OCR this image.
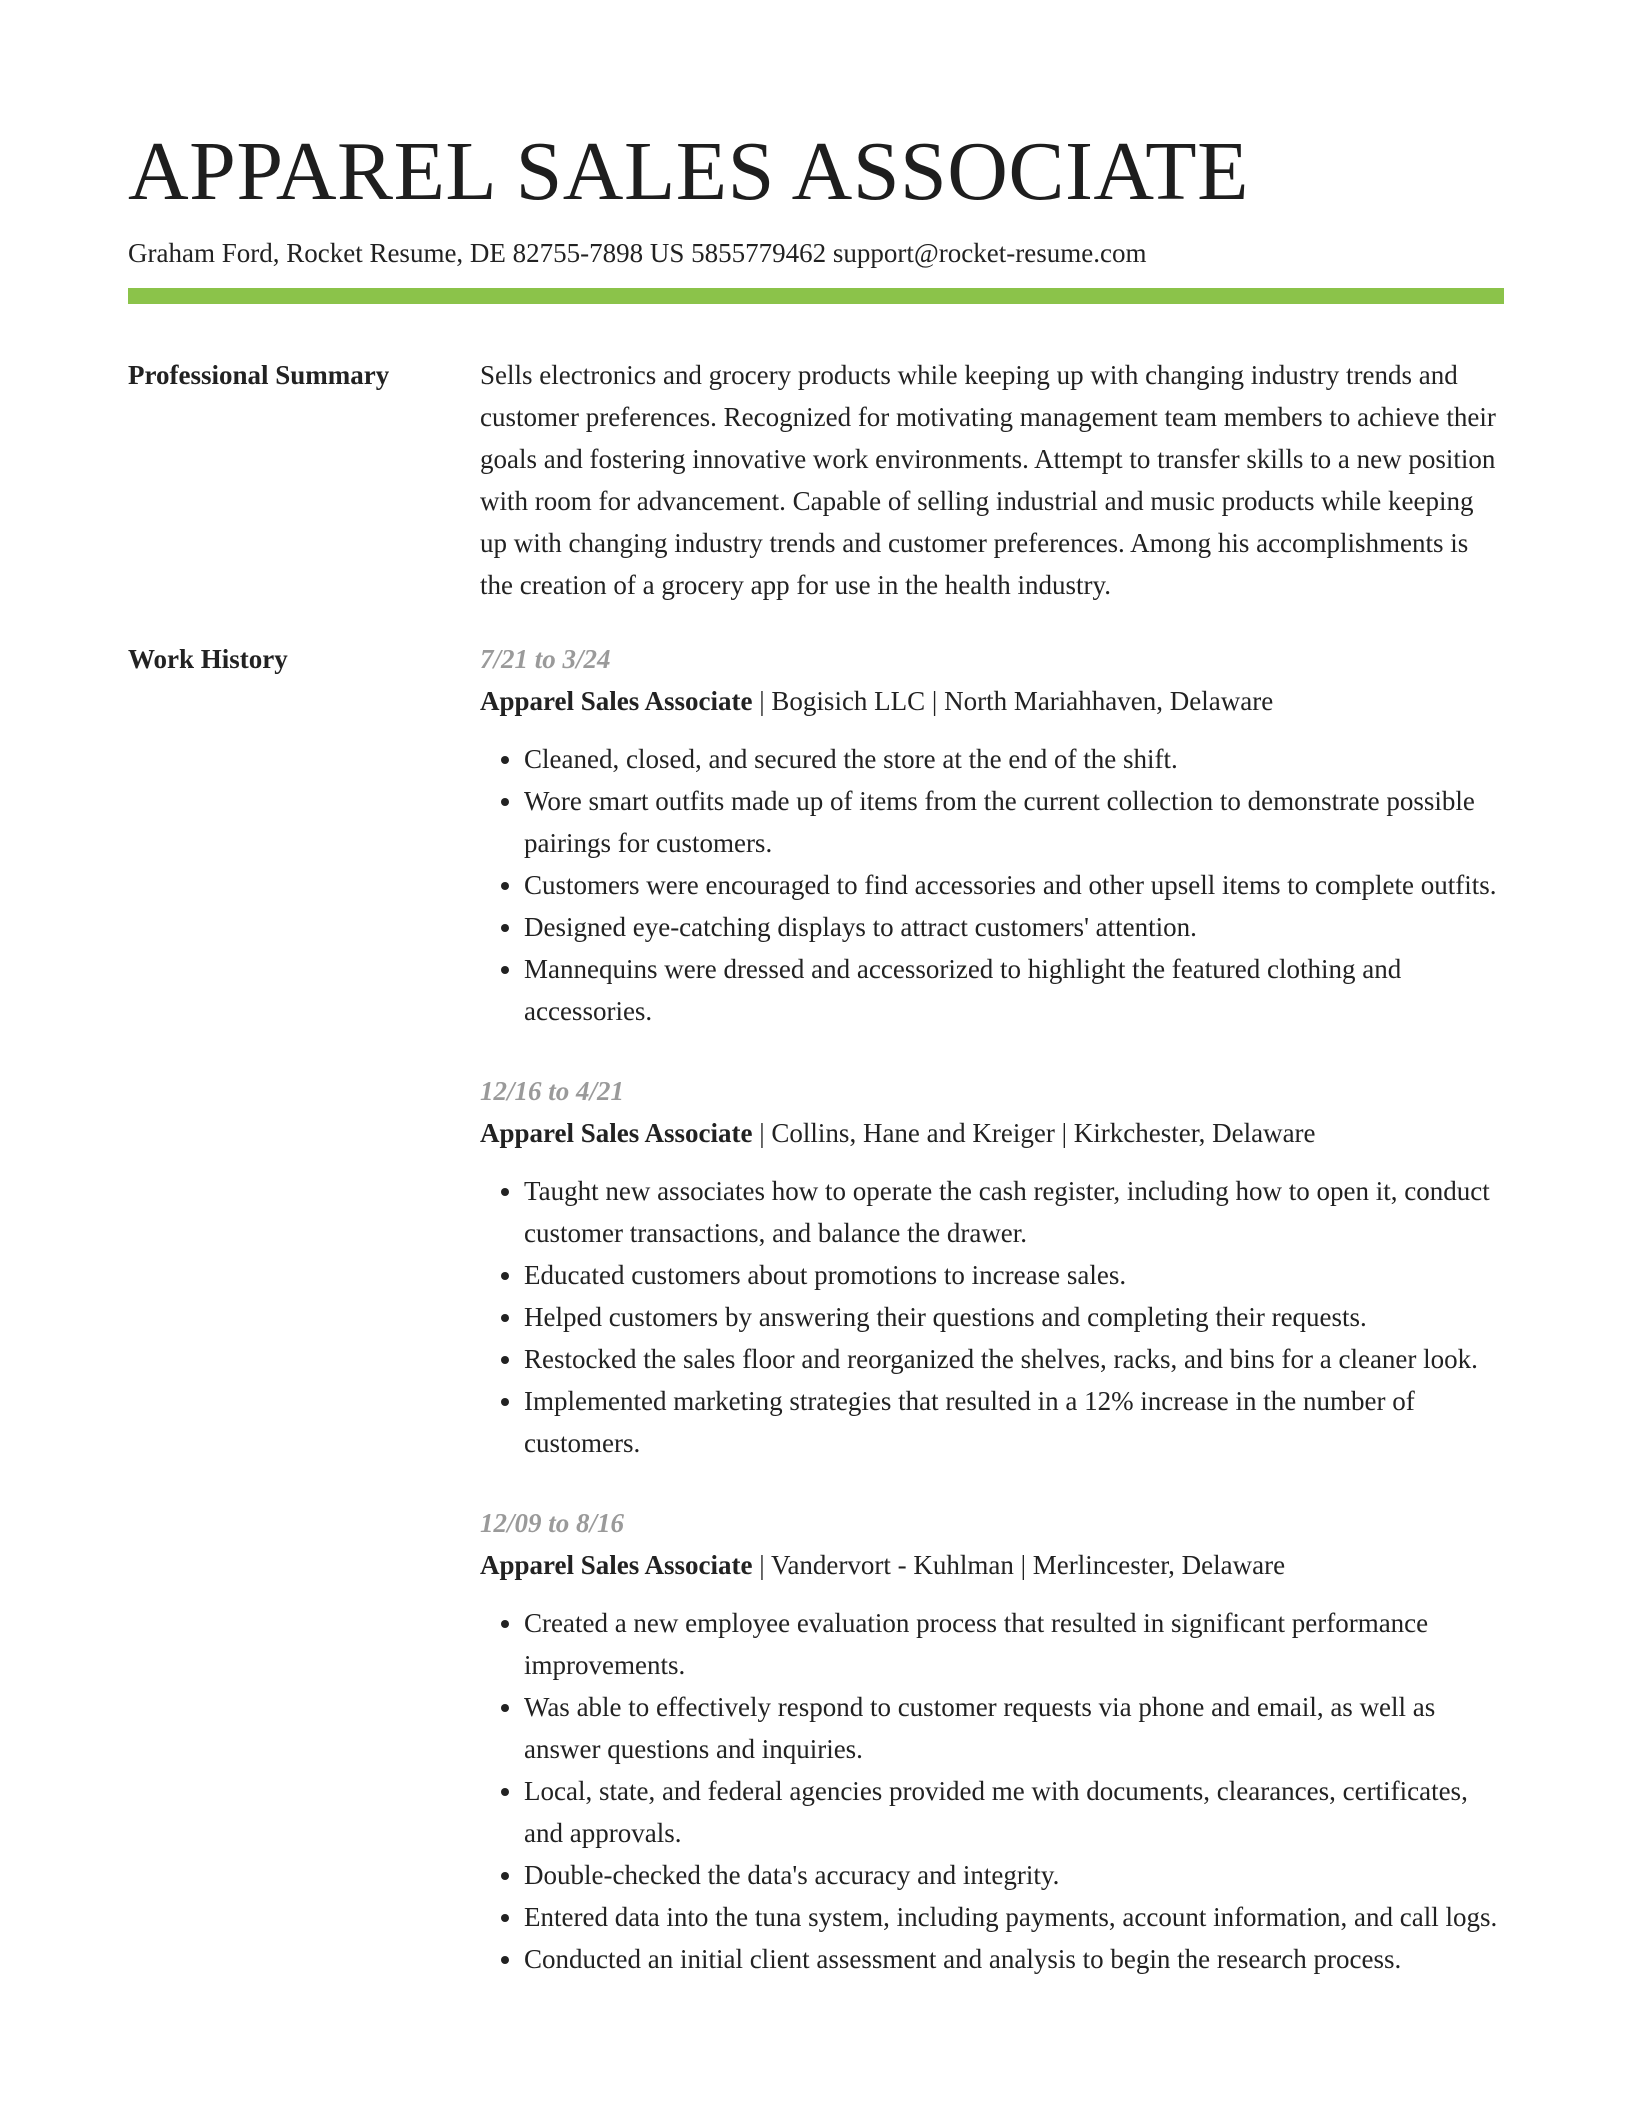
APPAREL SALES ASSOCIATE
Graham Ford, Rocket Resume, DE 82755-7898 US 5855779462 support@rocket-resume.com
Professional Summary	Sells electronics and grocery products while keeping up with changing industry trends and customer preferences. Recognized for motivating management team members to achieve their goals and fostering innovative work environments. Attempt to transfer skills to a new position with room for advancement. Capable of selling industrial and music products while keeping up with changing industry trends and customer preferences. Among his accomplishments is the creation of a grocery app for use in the health industry.

Work History	7/21 to 3/24
Apparel Sales Associate | Bogisich LLC | North Mariahhaven, Delaware
• Cleaned, closed, and secured the store at the end of the shift.
• Wore smart outfits made up of items from the current collection to demonstrate possible pairings for customers.
• Customers were encouraged to find accessories and other upsell items to complete outfits.
• Designed eye-catching displays to attract customers' attention.
• Mannequins were dressed and accessorized to highlight the featured clothing and accessories.
12/16 to 4/21
Apparel Sales Associate | Collins, Hane and Kreiger | Kirkchester, Delaware
• Taught new associates how to operate the cash register, including how to open it, conduct customer transactions, and balance the drawer.
• Educated customers about promotions to increase sales.
• Helped customers by answering their questions and completing their requests.
• Restocked the sales floor and reorganized the shelves, racks, and bins for a cleaner look.
• Implemented marketing strategies that resulted in a 12% increase in the number of customers.
12/09 to 8/16
Apparel Sales Associate | Vandervort - Kuhlman | Merlincester, Delaware
• Created a new employee evaluation process that resulted in significant performance improvements.
• Was able to effectively respond to customer requests via phone and email, as well as answer questions and inquiries.
• Local, state, and federal agencies provided me with documents, clearances, certificates, and approvals.
• Double-checked the data's accuracy and integrity.
• Entered data into the tuna system, including payments, account information, and call logs.
• Conducted an initial client assessment and analysis to begin the research process.
